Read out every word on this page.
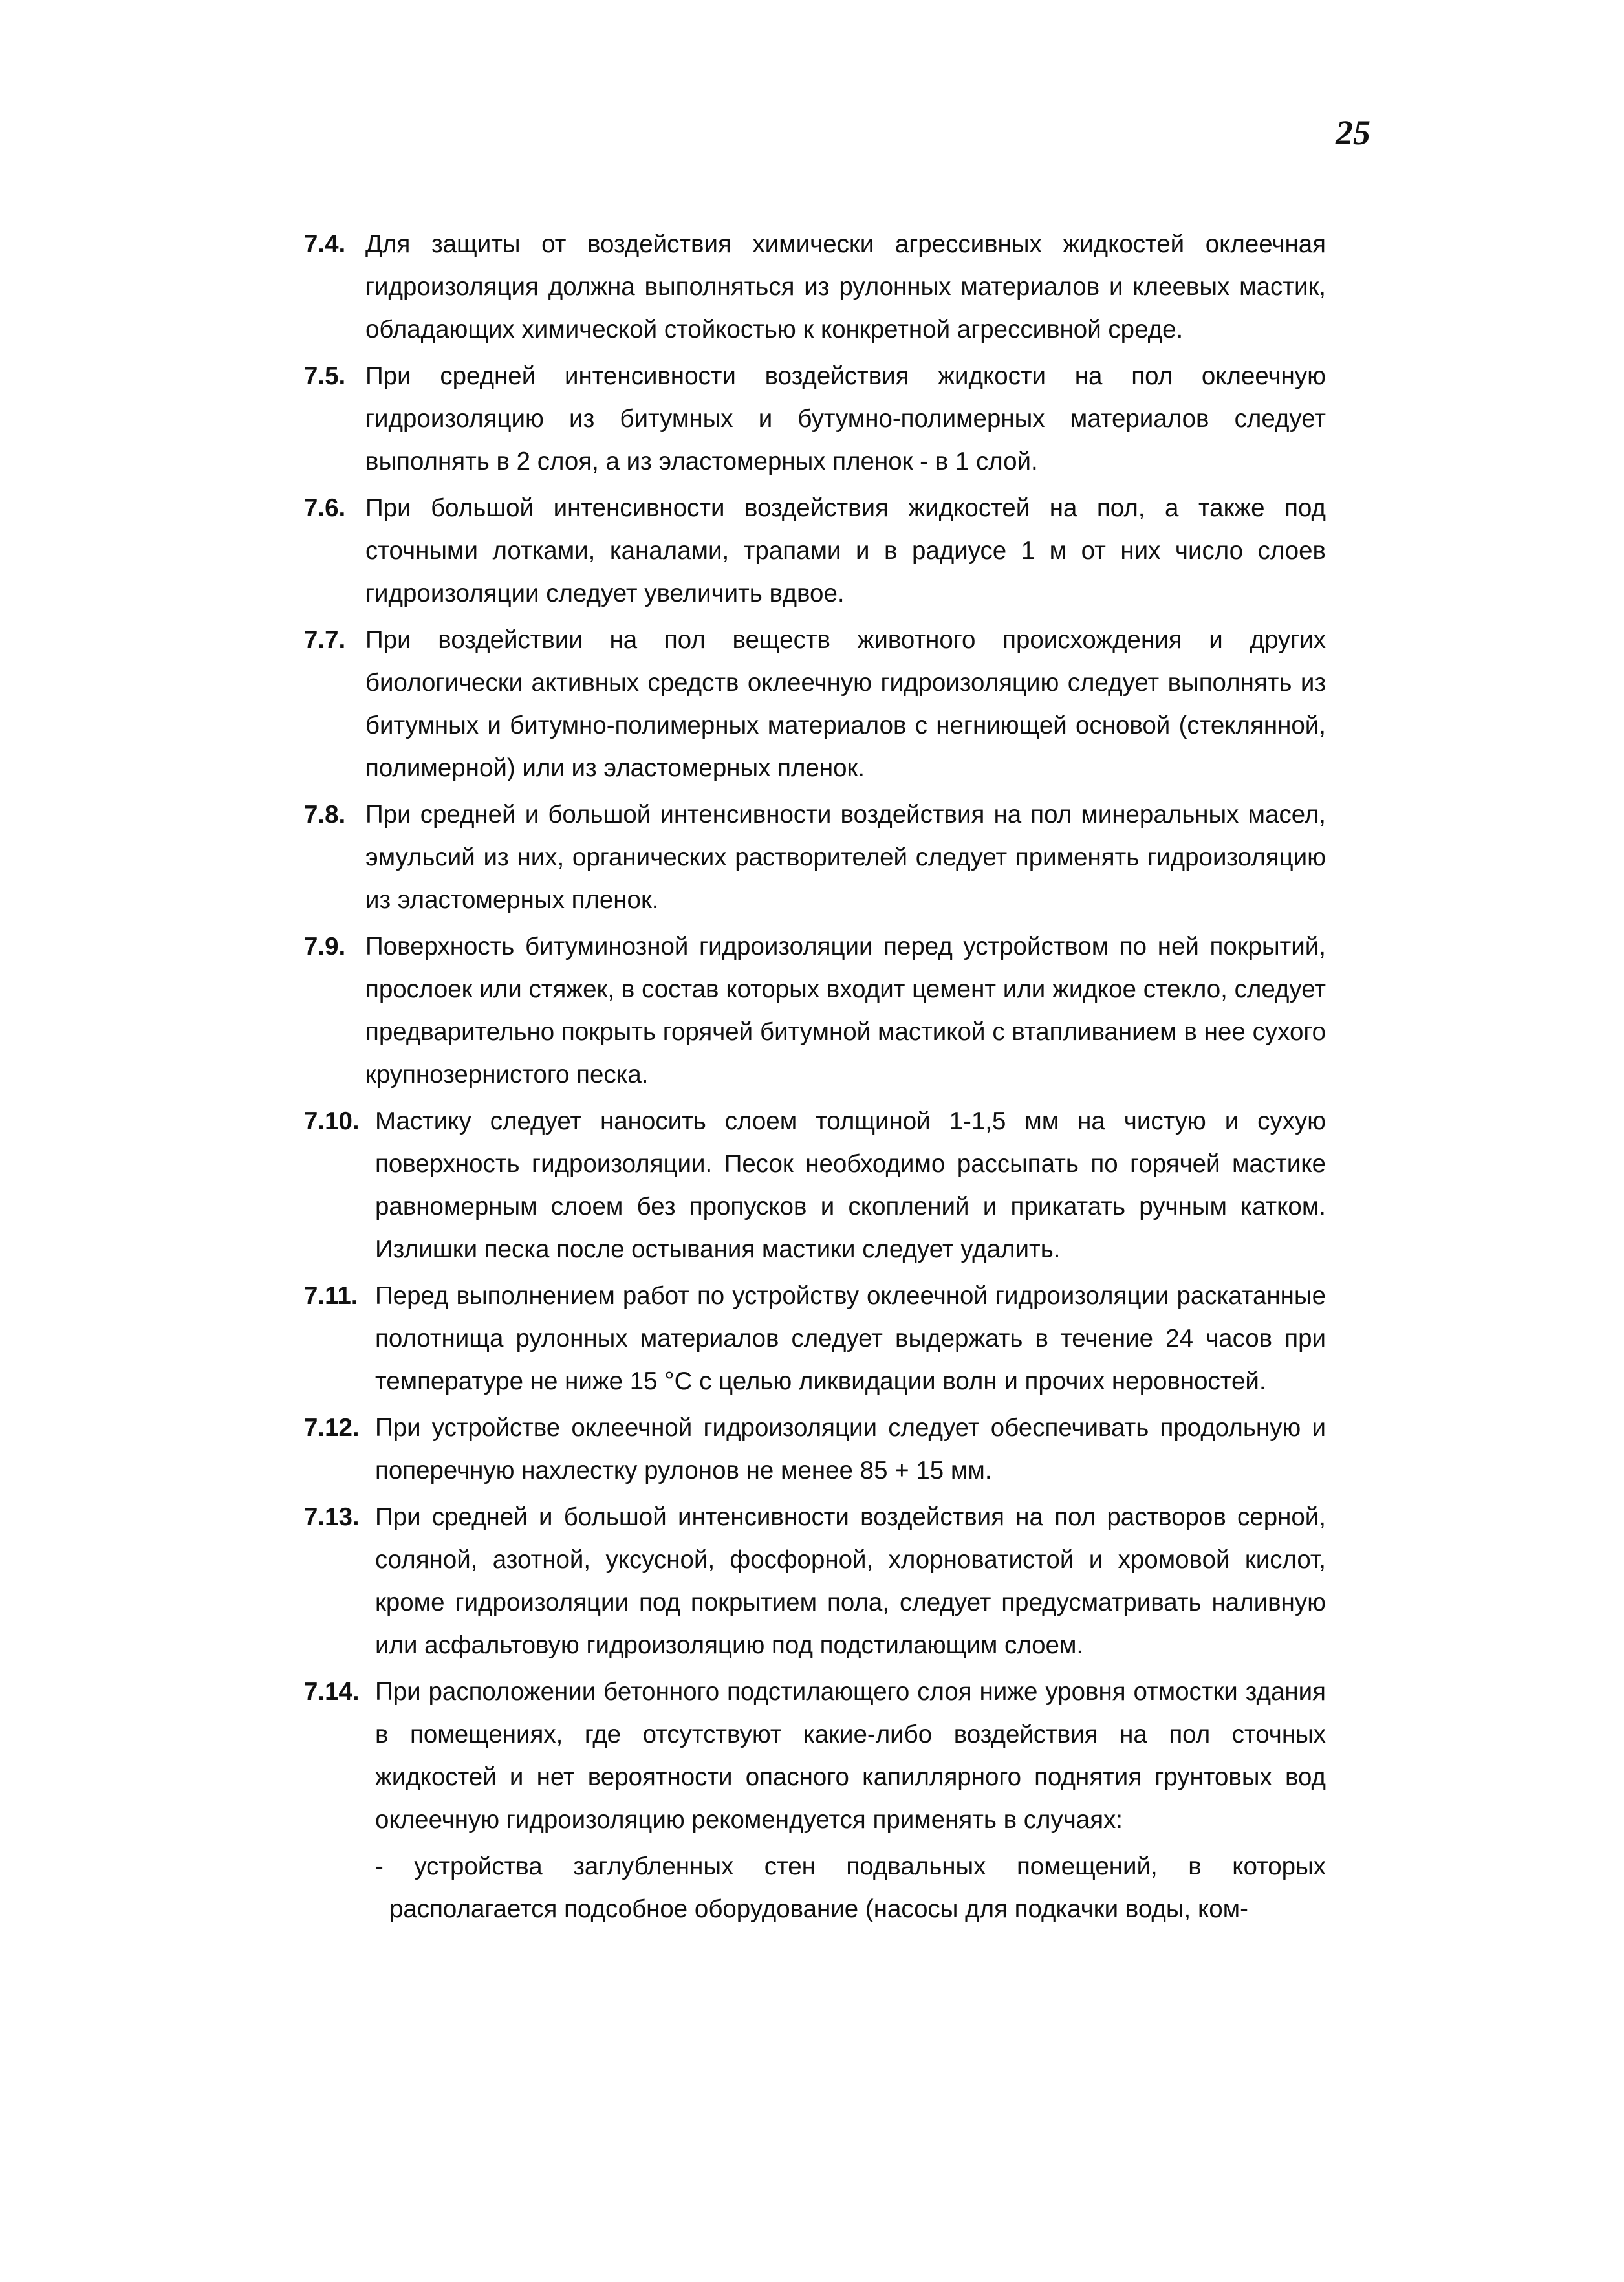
25
7.4. Для защиты от воздействия химически агрессивных жидкостей оклеечная гидроизоляция должна выполняться из рулонных материалов и клеевых мастик, обладающих химической стойкостью к конкретной агрессивной среде.
7.5. При средней интенсивности воздействия жидкости на пол оклеечную гидроизоляцию из битумных и бутумно-полимерных материалов следует выполнять в 2 слоя, а из эластомерных пленок - в 1 слой.
7.6. При большой интенсивности воздействия жидкостей на пол, а также под сточными лотками, каналами, трапами и в радиусе 1 м от них число слоев гидроизоляции следует увеличить вдвое.
7.7. При воздействии на пол веществ животного происхождения и других биологически активных средств оклеечную гидроизоляцию следует выполнять из битумных и битумно-полимерных материалов с негниющей основой (стеклянной, полимерной) или из эластомерных пленок.
7.8. При средней и большой интенсивности воздействия на пол минеральных масел, эмульсий из них, органических растворителей следует применять гидроизоляцию из эластомерных пленок.
7.9. Поверхность битуминозной гидроизоляции перед устройством по ней покрытий, прослоек или стяжек, в состав которых входит цемент или жидкое стекло, следует предварительно покрыть горячей битумной мастикой с втапливанием в нее сухого крупнозернистого песка.
7.10. Мастику следует наносить слоем толщиной 1-1,5 мм на чистую и сухую поверхность гидроизоляции. Песок необходимо рассыпать по горячей мастике равномерным слоем без пропусков и скоплений и прикатать ручным катком. Излишки песка после остывания мастики следует удалить.
7.11. Перед выполнением работ по устройству оклеечной гидроизоляции раскатанные полотнища рулонных материалов следует выдержать в течение 24 часов при температуре не ниже 15 °С с целью ликвидации волн и прочих неровностей.
7.12. При устройстве оклеечной гидроизоляции следует обеспечивать продольную и поперечную нахлестку рулонов не менее 85 + 15 мм.
7.13. При средней и большой интенсивности воздействия на пол растворов серной, соляной, азотной, уксусной, фосфорной, хлорноватистой и хромовой кислот, кроме гидроизоляции под покрытием пола, следует предусматривать наливную или асфальтовую гидроизоляцию под подстилающим слоем.
7.14. При расположении бетонного подстилающего слоя ниже уровня отмостки здания в помещениях, где отсутствуют какие-либо воздействия на пол сточных жидкостей и нет вероятности опасного капиллярного поднятия грунтовых вод оклеечную гидроизоляцию рекомендуется применять в случаях:
- устройства заглубленных стен подвальных помещений, в которых располагается подсобное оборудование (насосы для подкачки воды, ком-
